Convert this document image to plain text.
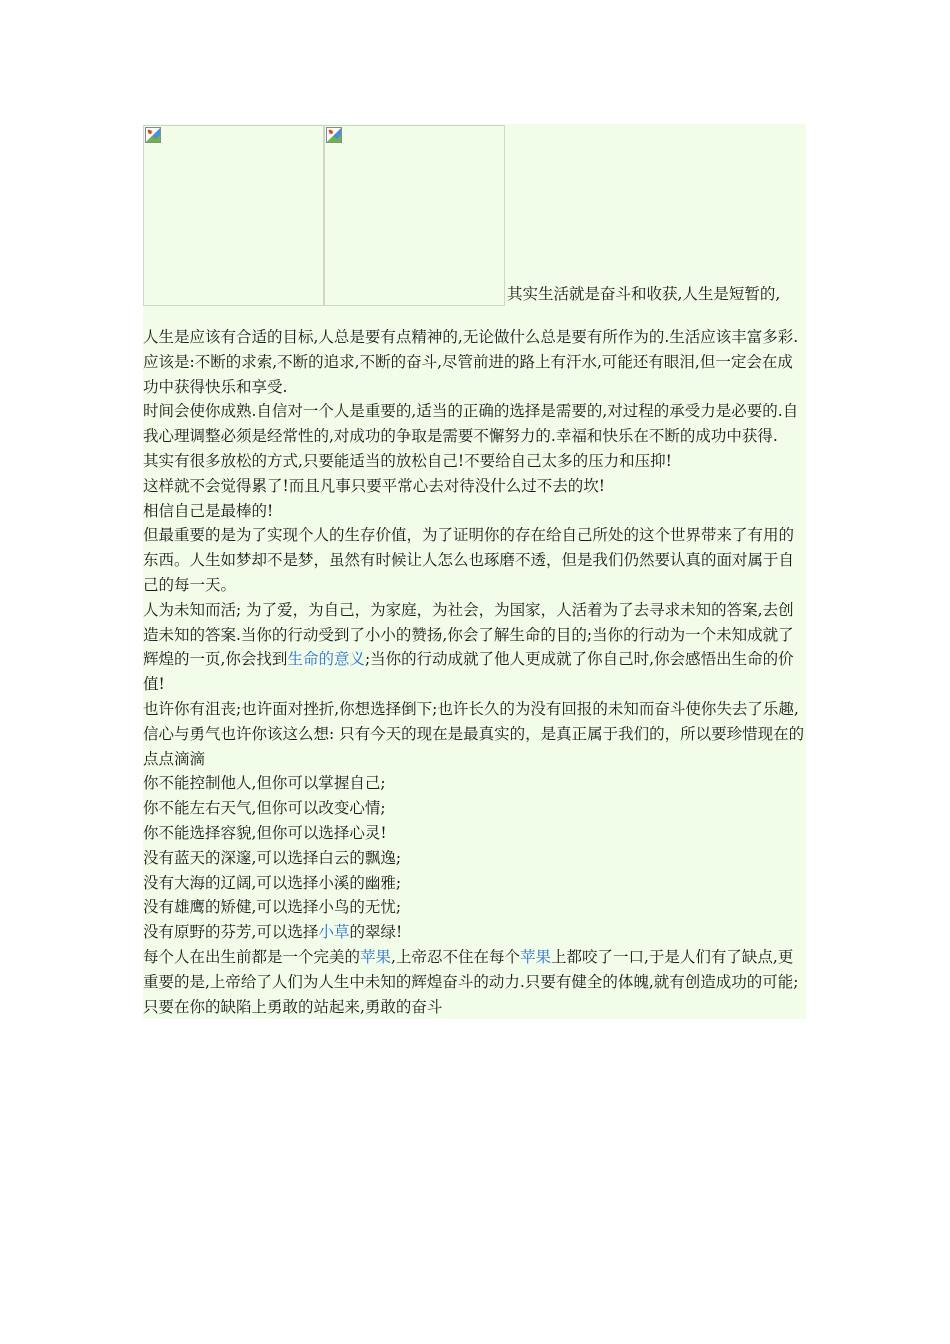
其实生活就是奋斗和收获,人生是短暂的,

人生是应该有合适的目标,人总是要有点精神的,无论做什么总是要有所作为的.生活应该丰富多彩.应该是:不断的求索,不断的追求,不断的奋斗,尽管前进的路上有汗水,可能还有眼泪,但一定会在成功中获得快乐和享受.

时间会使你成熟.自信对一个人是重要的,适当的正确的选择是需要的,对过程的承受力是必要的.自我心理调整必须是经常性的,对成功的争取是需要不懈努力的.幸福和快乐在不断的成功中获得.

其实有很多放松的方式,只要能适当的放松自己!不要给自己太多的压力和压抑!

这样就不会觉得累了!而且凡事只要平常心去对待没什么过不去的坎!

相信自己是最棒的!

但最重要的是为了实现个人的生存价值，为了证明你的存在给自己所处的这个世界带来了有用的东西。人生如梦却不是梦，虽然有时候让人怎么也琢磨不透，但是我们仍然要认真的面对属于自己的每一天。

人为未知而活; 为了爱，为自己，为家庭，为社会，为国家，人活着为了去寻求未知的答案,去创造未知的答案.当你的行动受到了小小的赞扬,你会了解生命的目的;当你的行动为一个未知成就了辉煌的一页,你会找到生命的意义;当你的行动成就了他人更成就了你自己时,你会感悟出生命的价值!

也许你有沮丧;也许面对挫折,你想选择倒下;也许长久的为没有回报的未知而奋斗使你失去了乐趣,信心与勇气也许你该这么想: 只有今天的现在是最真实的，是真正属于我们的，所以要珍惜现在的点点滴滴

你不能控制他人,但你可以掌握自己;

你不能左右天气,但你可以改变心情;

你不能选择容貌,但你可以选择心灵!

没有蓝天的深邃,可以选择白云的飘逸;

没有大海的辽阔,可以选择小溪的幽雅;

没有雄鹰的矫健,可以选择小鸟的无忧;

没有原野的芬芳,可以选择小草的翠绿!

每个人在出生前都是一个完美的苹果,上帝忍不住在每个苹果上都咬了一口,于是人们有了缺点,更重要的是,上帝给了人们为人生中未知的辉煌奋斗的动力.只要有健全的体魄,就有创造成功的可能;只要在你的缺陷上勇敢的站起来,勇敢的奋斗
